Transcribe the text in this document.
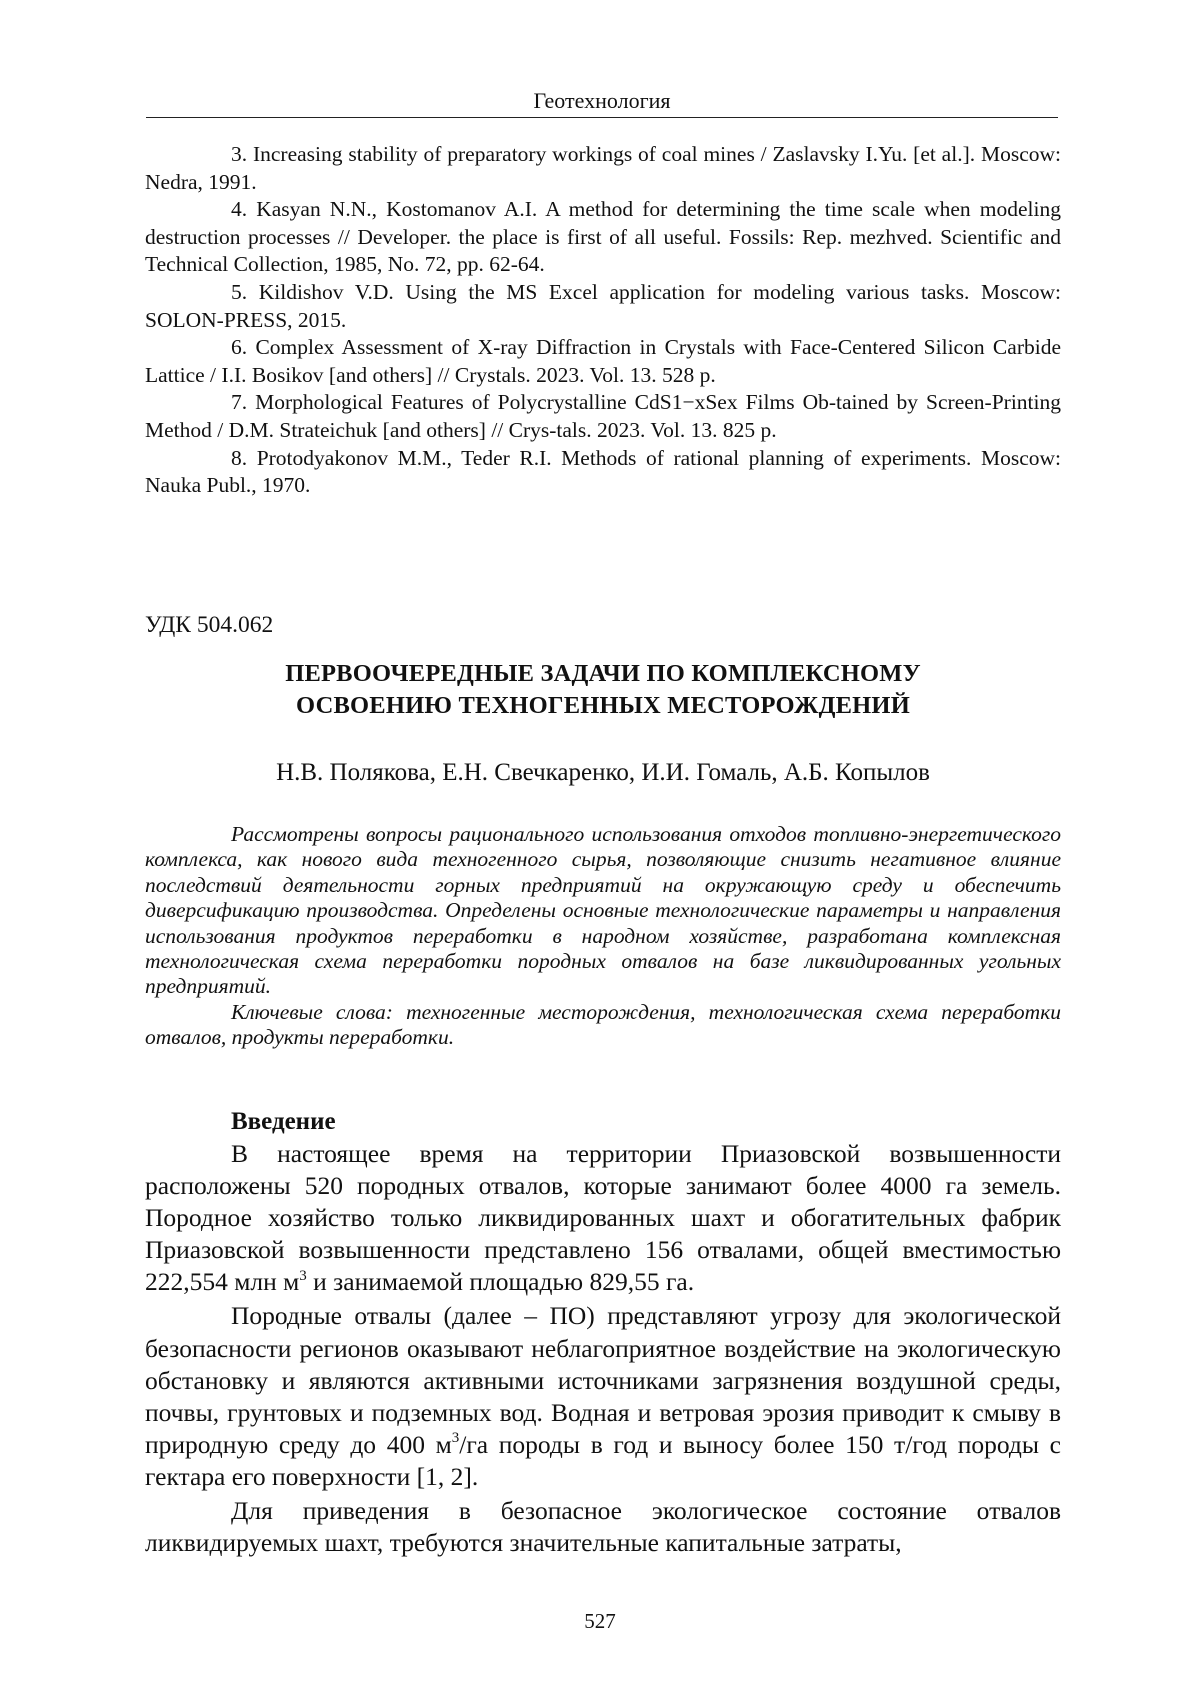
Геотехнология

3. Increasing stability of preparatory workings of coal mines / Zaslavsky I.Yu. [et al.]. Moscow: Nedra, 1991.

4. Kasyan N.N., Kostomanov A.I. A method for determining the time scale when modeling destruction processes // Developer. the place is first of all useful. Fossils: Rep. mezhved. Scientific and Technical Collection, 1985, No. 72, pp. 62-64.

5. Kildishov V.D. Using the MS Excel application for modeling various tasks. Moscow: SOLON-PRESS, 2015.

6. Complex Assessment of X-ray Diffraction in Crystals with Face-Centered Silicon Carbide Lattice / I.I. Bosikov [and others] // Crystals. 2023. Vol. 13. 528 p.

7. Morphological Features of Polycrystalline CdS1−xSex Films Ob-tained by Screen-Printing Method / D.M. Strateichuk [and others] // Crys-tals. 2023. Vol. 13. 825 p.

8. Protodyakonov M.M., Teder R.I. Methods of rational planning of experiments. Moscow: Nauka Publ., 1970.

УДК 504.062
ПЕРВООЧЕРЕДНЫЕ ЗАДАЧИ ПО КОМПЛЕКСНОМУ
ОСВОЕНИЮ ТЕХНОГЕННЫХ МЕСТОРОЖДЕНИЙ
Н.В. Полякова, Е.Н. Свечкаренко, И.И. Гомаль, А.Б. Копылов

Рассмотрены вопросы рационального использования отходов топливно-энергетического комплекса, как нового вида техногенного сырья, позволяющие снизить негативное влияние последствий деятельности горных предприятий на окружающую среду и обеспечить диверсификацию производства. Определены основные технологические параметры и направления использования продуктов переработки в народном хозяйстве, разработана комплексная технологическая схема переработки породных отвалов на базе ликвидированных угольных предприятий.

Ключевые слова: техногенные месторождения, технологическая схема переработки отвалов, продукты переработки.

Введение

В настоящее время на территории Приазовской возвышенности расположены 520 породных отвалов, которые занимают более 4000 га земель. Породное хозяйство только ликвидированных шахт и обогатительных фабрик Приазовской возвышенности представлено 156 отвалами, общей вместимостью 222,554 млн $м^3$ и занимаемой площадью 829,55 га.

Породные отвалы (далее – ПО) представляют угрозу для экологической безопасности регионов оказывают неблагоприятное воздействие на экологическую обстановку и являются активными источниками загрязнения воздушной среды, почвы, грунтовых и подземных вод. Водная и ветровая эрозия приводит к смыву в природную среду до 400 $м^3/га$ породы в год и выносу более 150 т/год породы с гектара его поверхности [1, 2].

Для приведения в безопасное экологическое состояние отвалов ликвидируемых шахт, требуются значительные капитальные затраты,

527
